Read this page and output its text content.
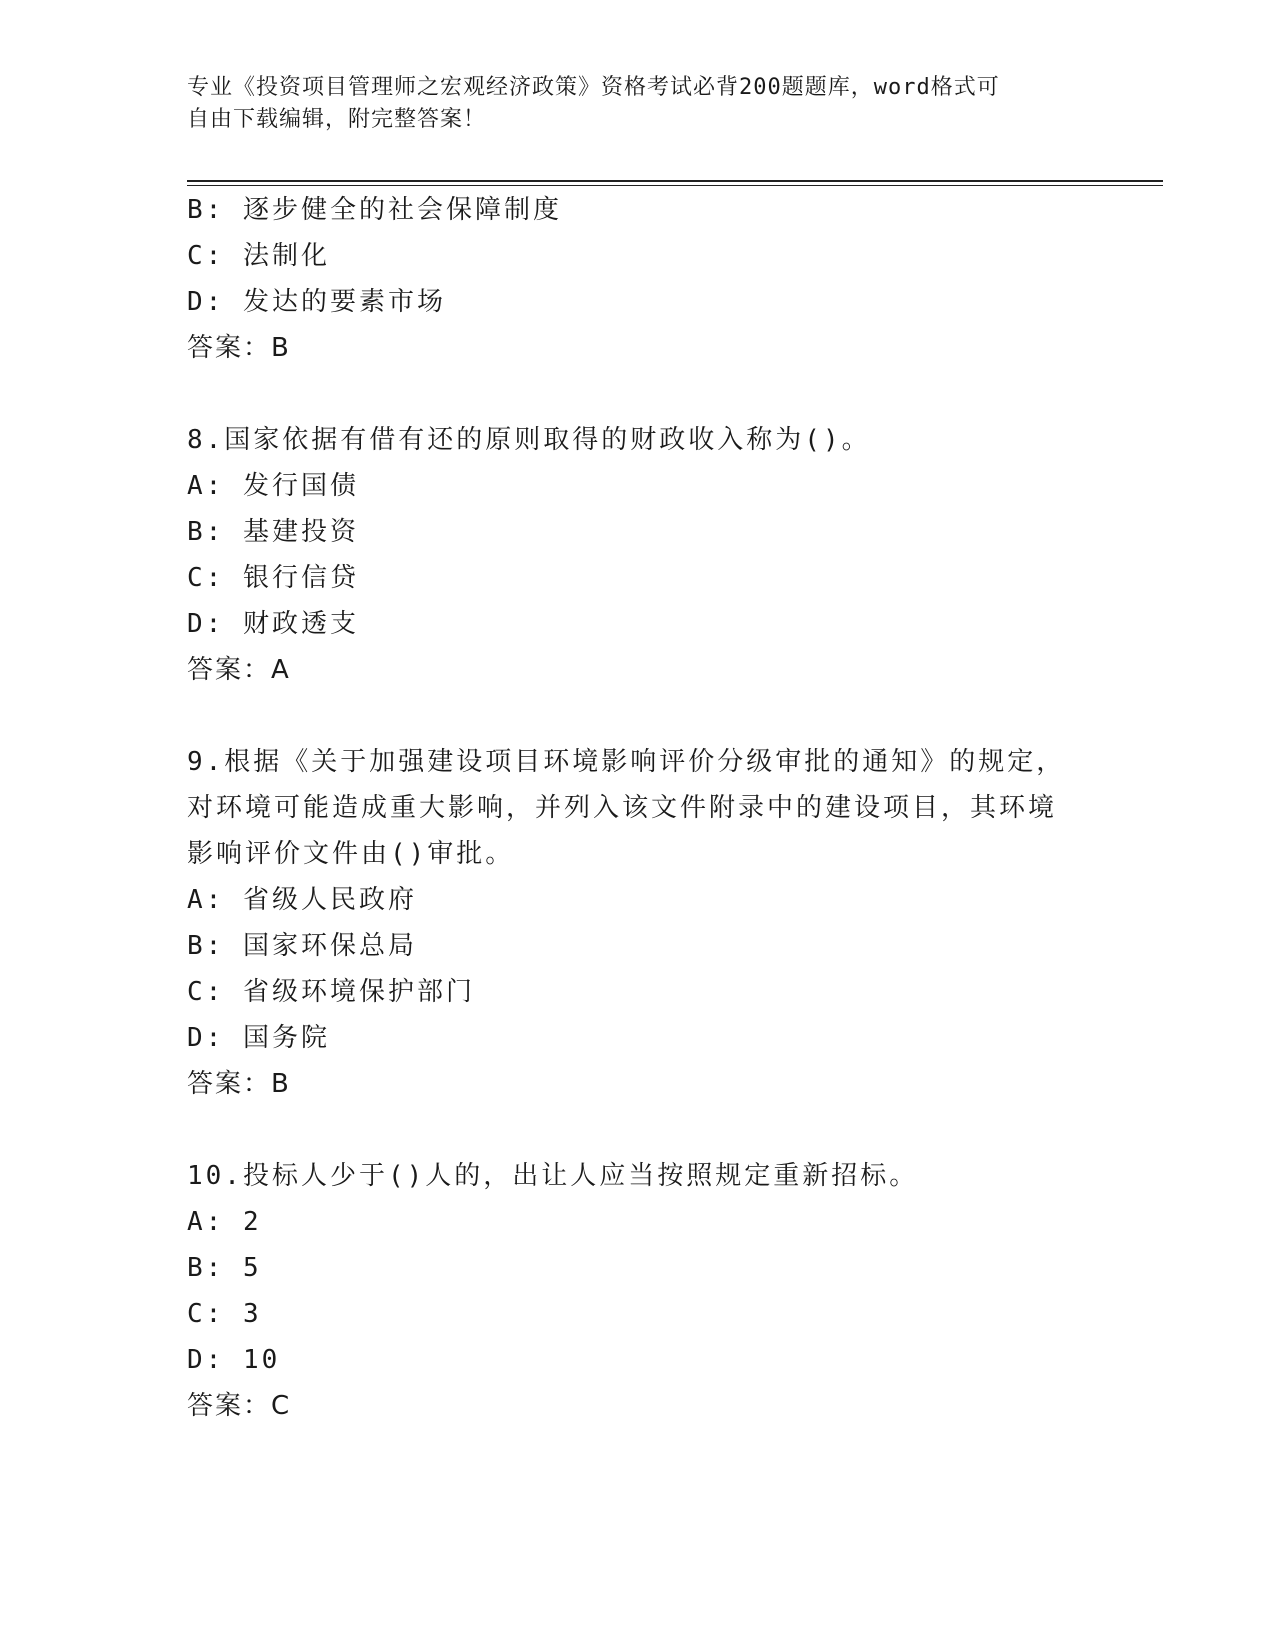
专业《投资项目管理师之宏观经济政策》资格考试必背200题题库，word格式可
自由下载编辑，附完整答案！
B: 逐步健全的社会保障制度
C: 法制化
D: 发达的要素市场
答案：B
8.国家依据有借有还的原则取得的财政收入称为()。
A: 发行国债
B: 基建投资
C: 银行信贷
D: 财政透支
答案：A
9.根据《关于加强建设项目环境影响评价分级审批的通知》的规定，
对环境可能造成重大影响，并列入该文件附录中的建设项目，其环境
影响评价文件由()审批。
A: 省级人民政府
B: 国家环保总局
C: 省级环境保护部门
D: 国务院
答案：B
10.投标人少于()人的，出让人应当按照规定重新招标。
A: 2
B: 5
C: 3
D: 10
答案：C
